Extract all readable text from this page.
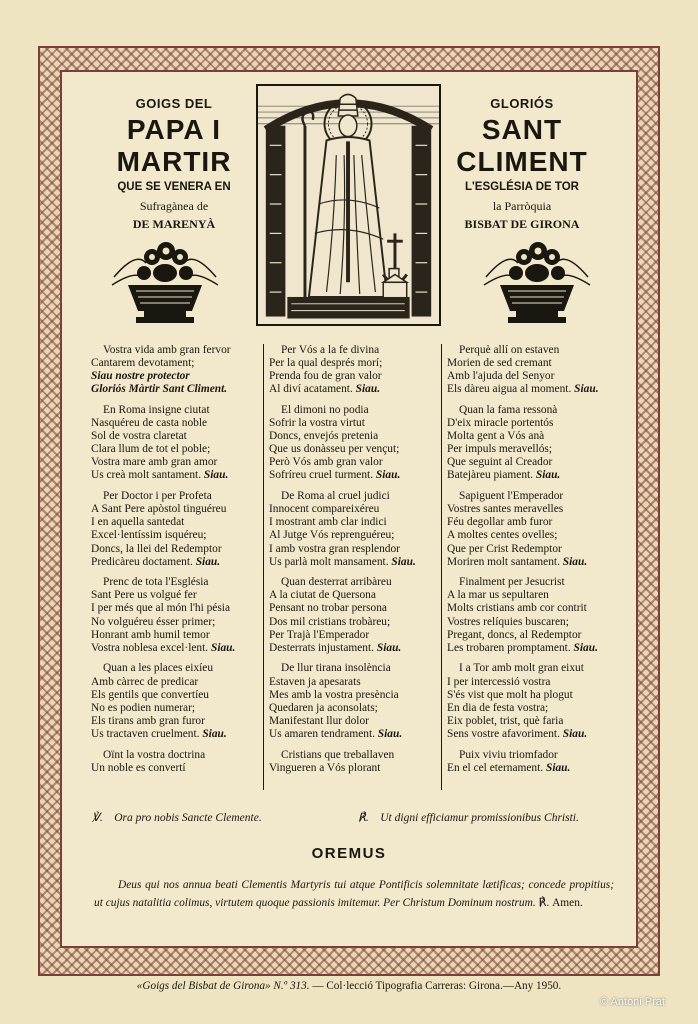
GOIGS DEL
PAPA I MARTIR
QUE SE VENERA EN
Sufragànea de
DE MARENYÀ
GLORIÓS
SANT CLIMENT
L'ESGLÉSIA DE TOR
la Parròquia
BISBAT DE GIRONA
Vostra vida amb gran fervor
Cantarem devotament;
Siau nostre protector
Gloriós Màrtir Sant Climent.
En Roma insigne ciutat
Nasquéreu de casta noble
Sol de vostra claretat
Clara llum de tot el poble;
Vostra mare amb gran amor
Us creà molt santament. Siau.
Per Doctor i per Profeta
A Sant Pere apòstol tinguéreu
I en aquella santedat
Excel·lentíssim isquéreu;
Doncs, la llei del Redemptor
Predicàreu doctament. Siau.
Prenc de tota l'Església
Sant Pere us volgué fer
I per més que al món l'hi pésia
No volguéreu ésser primer;
Honrant amb humil temor
Vostra noblesa excel·lent. Siau.
Quan a les places eixíeu
Amb càrrec de predicar
Els gentils que convertíeu
No es podien numerar;
Els tirans amb gran furor
Us tractaven cruelment. Siau.
Oïnt la vostra doctrina
Un noble es convertí
Per Vós a la fe divina
Per la qual després morí;
Prenda fou de gran valor
Al diví acatament. Siau.
El dimoni no podia
Sofrir la vostra virtut
Doncs, envejós pretenia
Que us donàsseu per vençut;
Però Vós amb gran valor
Sofríreu cruel turment. Siau.
De Roma al cruel judici
Innocent compareixéreu
I mostrant amb clar indici
Al Jutge Vós reprenguéreu;
I amb vostra gran resplendor
Us parlà molt mansament. Siau.
Quan desterrat arribàreu
A la ciutat de Quersona
Pensant no trobar persona
Dos mil cristians trobàreu;
Per Trajà l'Emperador
Desterrats injustament. Siau.
De llur tirana insolència
Estaven ja apesarats
Mes amb la vostra presència
Quedaren ja aconsolats;
Manifestant llur dolor
Us amaren tendrament. Siau.
Cristians que treballaven
Vingueren a Vós plorant
Perquè allí on estaven
Morien de sed cremant
Amb l'ajuda del Senyor
Els dàreu aigua al moment. Siau.
Quan la fama ressonà
D'eix miracle portentós
Molta gent a Vós anà
Per impuls meravellós;
Que seguint al Creador
Batejàreu piament. Siau.
Sapiguent l'Emperador
Vostres santes meravelles
Féu degollar amb furor
A moltes centes ovelles;
Que per Crist Redemptor
Moriren molt santament. Siau.
Finalment per Jesucrist
A la mar us sepultaren
Molts cristians amb cor contrit
Vostres relíquies buscaren;
Pregant, doncs, al Redemptor
Les trobaren promptament. Siau.
I a Tor amb molt gran eixut
I per intercessió vostra
S'és vist que molt ha plogut
En dia de festa vostra;
Eix poblet, trist, què faria
Sens vostre afavoriment. Siau.
Puix viviu triomfador
En el cel eternament. Siau.
℣. Ora pro nobis Sancte Clemente.	℟. Ut digni efficiamur promissionibus Christi.
OREMUS
Deus qui nos annua beati Clementis Martyris tui atque Pontificis solemnitate lætificas; concede propitius; ut cujus natalitia colimus, virtutem quoque passionis imitemur. Per Christum Dominum nostrum. ℟. Amen.
«Goigs del Bisbat de Girona» N.º 313. — Col·lecció Tipografia Carreras: Girona.—Any 1950.
© Antoni Prat
